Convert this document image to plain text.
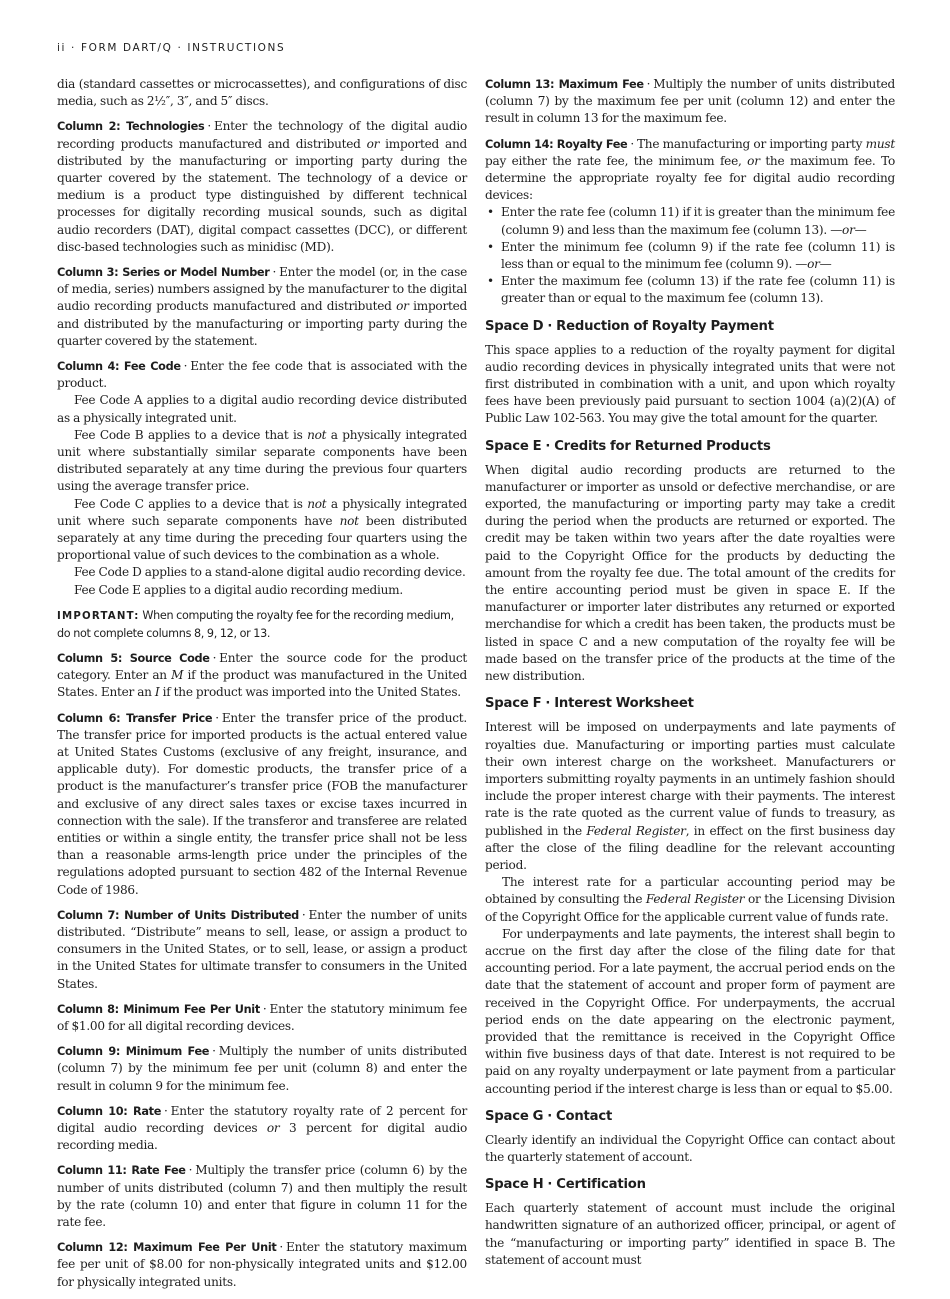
ii · FORM DART/Q · INSTRUCTIONS

dia (standard cassettes or microcassettes), and configurations of disc media, such as 2½″, 3″, and 5″ discs.

Column 2: Technologies · Enter the technology of the digital audio recording products manufactured and distributed or imported and distributed by the manufacturing or importing party during the quarter covered by the statement. The technology of a device or medium is a product type distinguished by different technical processes for digitally recording musical sounds, such as digital audio recorders (DAT), digital compact cassettes (DCC), or different disc-based technologies such as minidisc (MD).

Column 3: Series or Model Number · Enter the model (or, in the case of media, series) numbers assigned by the manufacturer to the digital audio recording products manufactured and distributed or imported and distributed by the manufacturing or importing party during the quarter covered by the statement.

Column 4: Fee Code · Enter the fee code that is associated with the product.

Fee Code A applies to a digital audio recording device distributed as a physically integrated unit.

Fee Code B applies to a device that is not a physically integrated unit where substantially similar separate components have been distributed separately at any time during the previous four quarters using the average transfer price.

Fee Code C applies to a device that is not a physically integrated unit where such separate components have not been distributed separately at any time during the preceding four quarters using the proportional value of such devices to the combination as a whole.

Fee Code D applies to a stand-alone digital audio recording device.

Fee Code E applies to a digital audio recording medium.

IMPORTANT: When computing the royalty fee for the recording medium, do not complete columns 8, 9, 12, or 13.

Column 5: Source Code · Enter the source code for the product category. Enter an M if the product was manufactured in the United States. Enter an I if the product was imported into the United States.

Column 6: Transfer Price · Enter the transfer price of the product. The transfer price for imported products is the actual entered value at United States Customs (exclusive of any freight, insurance, and applicable duty). For domestic products, the transfer price of a product is the manufacturer’s transfer price (FOB the manufacturer and exclusive of any direct sales taxes or excise taxes incurred in connection with the sale). If the transferor and transferee are related entities or within a single entity, the transfer price shall not be less than a reasonable arms-length price under the principles of the regulations adopted pursuant to section 482 of the Internal Revenue Code of 1986.

Column 7: Number of Units Distributed · Enter the number of units distributed. “Distribute” means to sell, lease, or assign a product to consumers in the United States, or to sell, lease, or assign a product in the United States for ultimate transfer to consumers in the United States.

Column 8: Minimum Fee Per Unit · Enter the statutory minimum fee of $1.00 for all digital recording devices.

Column 9: Minimum Fee · Multiply the number of units distributed (column 7) by the minimum fee per unit (column 8) and enter the result in column 9 for the minimum fee.

Column 10: Rate · Enter the statutory royalty rate of 2 percent for digital audio recording devices or 3 percent for digital audio recording media.

Column 11: Rate Fee · Multiply the transfer price (column 6) by the number of units distributed (column 7) and then multiply the result by the rate (column 10) and enter that figure in column 11 for the rate fee.

Column 12: Maximum Fee Per Unit · Enter the statutory maximum fee per unit of $8.00 for non-physically integrated units and $12.00 for physically integrated units.

Column 13: Maximum Fee · Multiply the number of units distributed (column 7) by the maximum fee per unit (column 12) and enter the result in column 13 for the maximum fee.

Column 14: Royalty Fee · The manufacturing or importing party must pay either the rate fee, the minimum fee, or the maximum fee. To determine the appropriate royalty fee for digital audio recording devices:

• Enter the rate fee (column 11) if it is greater than the minimum fee (column 9) and less than the maximum fee (column 13). —or—
• Enter the minimum fee (column 9) if the rate fee (column 11) is less than or equal to the minimum fee (column 9). —or—
• Enter the maximum fee (column 13) if the rate fee (column 11) is greater than or equal to the maximum fee (column 13).
Space D · Reduction of Royalty Payment

This space applies to a reduction of the royalty payment for digital audio recording devices in physically integrated units that were not first distributed in combination with a unit, and upon which royalty fees have been previously paid pursuant to section 1004 (a)(2)(A) of Public Law 102-563. You may give the total amount for the quarter.

Space E · Credits for Returned Products

When digital audio recording products are returned to the manufacturer or importer as unsold or defective merchandise, or are exported, the manufacturing or importing party may take a credit during the period when the products are returned or exported. The credit may be taken within two years after the date royalties were paid to the Copyright Office for the products by deducting the amount from the royalty fee due. The total amount of the credits for the entire accounting period must be given in space E. If the manufacturer or importer later distributes any returned or exported merchandise for which a credit has been taken, the products must be listed in space C and a new computation of the royalty fee will be made based on the transfer price of the products at the time of the new distribution.

Space F · Interest Worksheet

Interest will be imposed on underpayments and late payments of royalties due. Manufacturing or importing parties must calculate their own interest charge on the worksheet. Manufacturers or importers submitting royalty payments in an untimely fashion should include the proper interest charge with their payments. The interest rate is the rate quoted as the current value of funds to treasury, as published in the Federal Register, in effect on the first business day after the close of the filing deadline for the relevant accounting period.

The interest rate for a particular accounting period may be obtained by consulting the Federal Register or the Licensing Division of the Copyright Office for the applicable current value of funds rate.

For underpayments and late payments, the interest shall begin to accrue on the first day after the close of the filing date for that accounting period. For a late payment, the accrual period ends on the date that the statement of account and proper form of payment are received in the Copyright Office. For underpayments, the accrual period ends on the date appearing on the electronic payment, provided that the remittance is received in the Copyright Office within five business days of that date. Interest is not required to be paid on any royalty underpayment or late payment from a particular accounting period if the interest charge is less than or equal to $5.00.

Space G · Contact

Clearly identify an individual the Copyright Office can contact about the quarterly statement of account.

Space H · Certification

Each quarterly statement of account must include the original handwritten signature of an authorized officer, principal, or agent of the “manufacturing or importing party” identified in space B. The statement of account must
